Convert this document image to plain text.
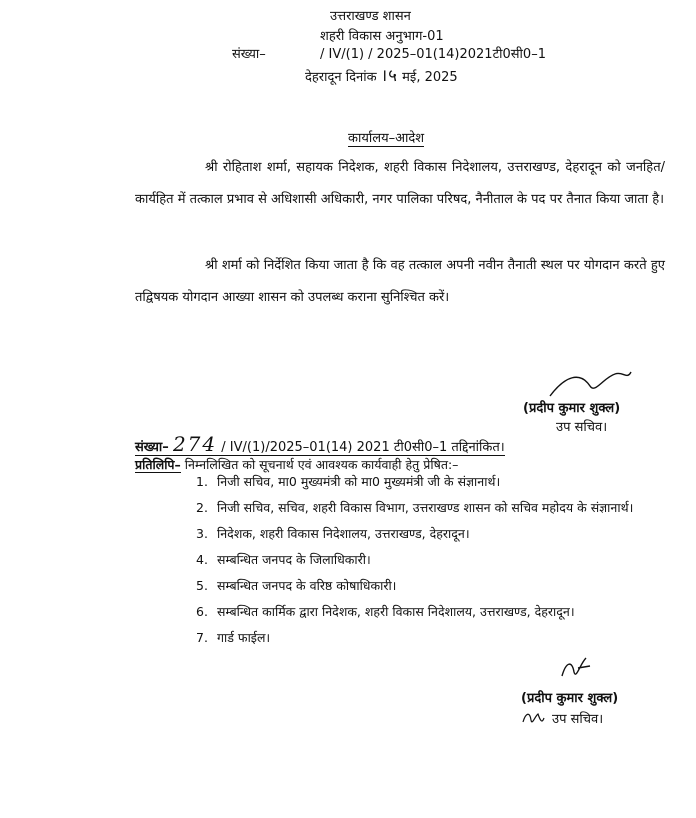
उत्तराखण्ड शासन
शहरी विकास अनुभाग-01
संख्या–	/ IV/(1) / 2025–01(14)2021टी0सी0–1
देहरादून दिनांक ।५ मई, 2025
कार्यालय–आदेश
श्री रोहिताश शर्मा, सहायक निदेशक, शहरी विकास निदेशालय, उत्तराखण्ड, देहरादून को जनहित/कार्यहित में तत्काल प्रभाव से अधिशासी अधिकारी, नगर पालिका परिषद, नैनीताल के पद पर तैनात किया जाता है।
श्री शर्मा को निर्देशित किया जाता है कि वह तत्काल अपनी नवीन तैनाती स्थल पर योगदान करते हुए तद्विषयक योगदान आख्या शासन को उपलब्ध कराना सुनिश्चित करें।
(प्रदीप कुमार शुक्ल)
उप सचिव।
संख्या– 274 / IV/(1)/2025–01(14) 2021 टी0सी0–1 तद्दिनांकित।
प्रतिलिपि– निम्नलिखित को सूचनार्थ एवं आवश्यक कार्यवाही हेतु प्रेषित:–
1. निजी सचिव, मा0 मुख्यमंत्री को मा0 मुख्यमंत्री जी के संज्ञानार्थ।
2. निजी सचिव, सचिव, शहरी विकास विभाग, उत्तराखण्ड शासन को सचिव महोदय के संज्ञानार्थ।
3. निदेशक, शहरी विकास निदेशालय, उत्तराखण्ड, देहरादून।
4. सम्बन्धित जनपद के जिलाधिकारी।
5. सम्बन्धित जनपद के वरिष्ठ कोषाधिकारी।
6. सम्बन्धित कार्मिक द्वारा निदेशक, शहरी विकास निदेशालय, उत्तराखण्ड, देहरादून।
7. गार्ड फाईल।
(प्रदीप कुमार शुक्ल)
उप सचिव।
